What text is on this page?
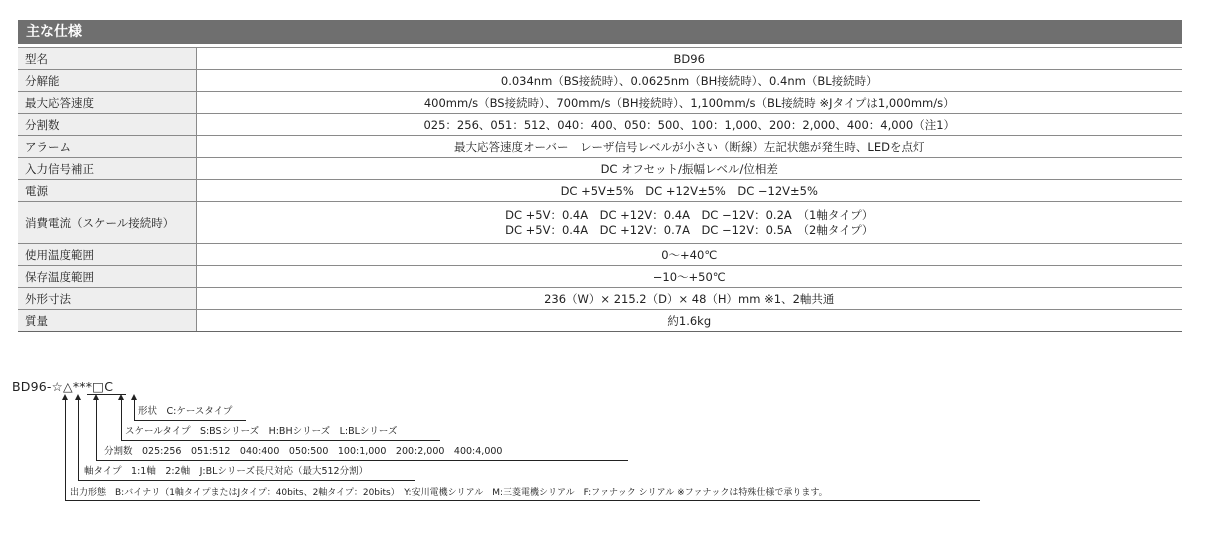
主な仕様
型名	BD96
分解能	0.034nm（BS接続時）、0.0625nm（BH接続時）、0.4nm（BL接続時）
最大応答速度	400mm/s（BS接続時）、700mm/s（BH接続時）、1,100mm/s（BL接続時 ※Jタイプは1,000mm/s）
分割数	025：256、051：512、040：400、050：500、100：1,000、200：2,000、400：4,000（注1）
アラーム	最大応答速度オーバー　レーザ信号レベルが小さい（断線）左記状態が発生時、LEDを点灯
入力信号補正	DC オフセット/振幅レベル/位相差
電源	DC +5V±5%　DC +12V±5%　DC −12V±5%
消費電流（スケール接続時）	DC +5V：0.4A　DC +12V：0.4A　DC −12V：0.2A　（1軸タイプ）
DC +5V：0.4A　DC +12V：0.7A　DC −12V：0.5A　（2軸タイプ）

使用温度範囲	0～+40℃
保存温度範囲	−10～+50℃
外形寸法	236（W）× 215.2（D）× 48（H）mm ※1、2軸共通
質量	約1.6kg
BD96-☆△***□C
形状　C:ケースタイプ
スケールタイプ　S:BSシリーズ　H:BHシリーズ　L:BLシリーズ
分割数　025:256　051:512　040:400　050:500　100:1,000　200:2,000　400:4,000
軸タイプ　1:1軸　2:2軸　J:BLシリーズ長尺対応（最大512分割）
出力形態　B:バイナリ（1軸タイプまたはJタイプ：40bits、2軸タイプ：20bits）　Y:安川電機シリアル　M:三菱電機シリアル　F:ファナック シリアル ※ファナックは特殊仕様で承ります。
